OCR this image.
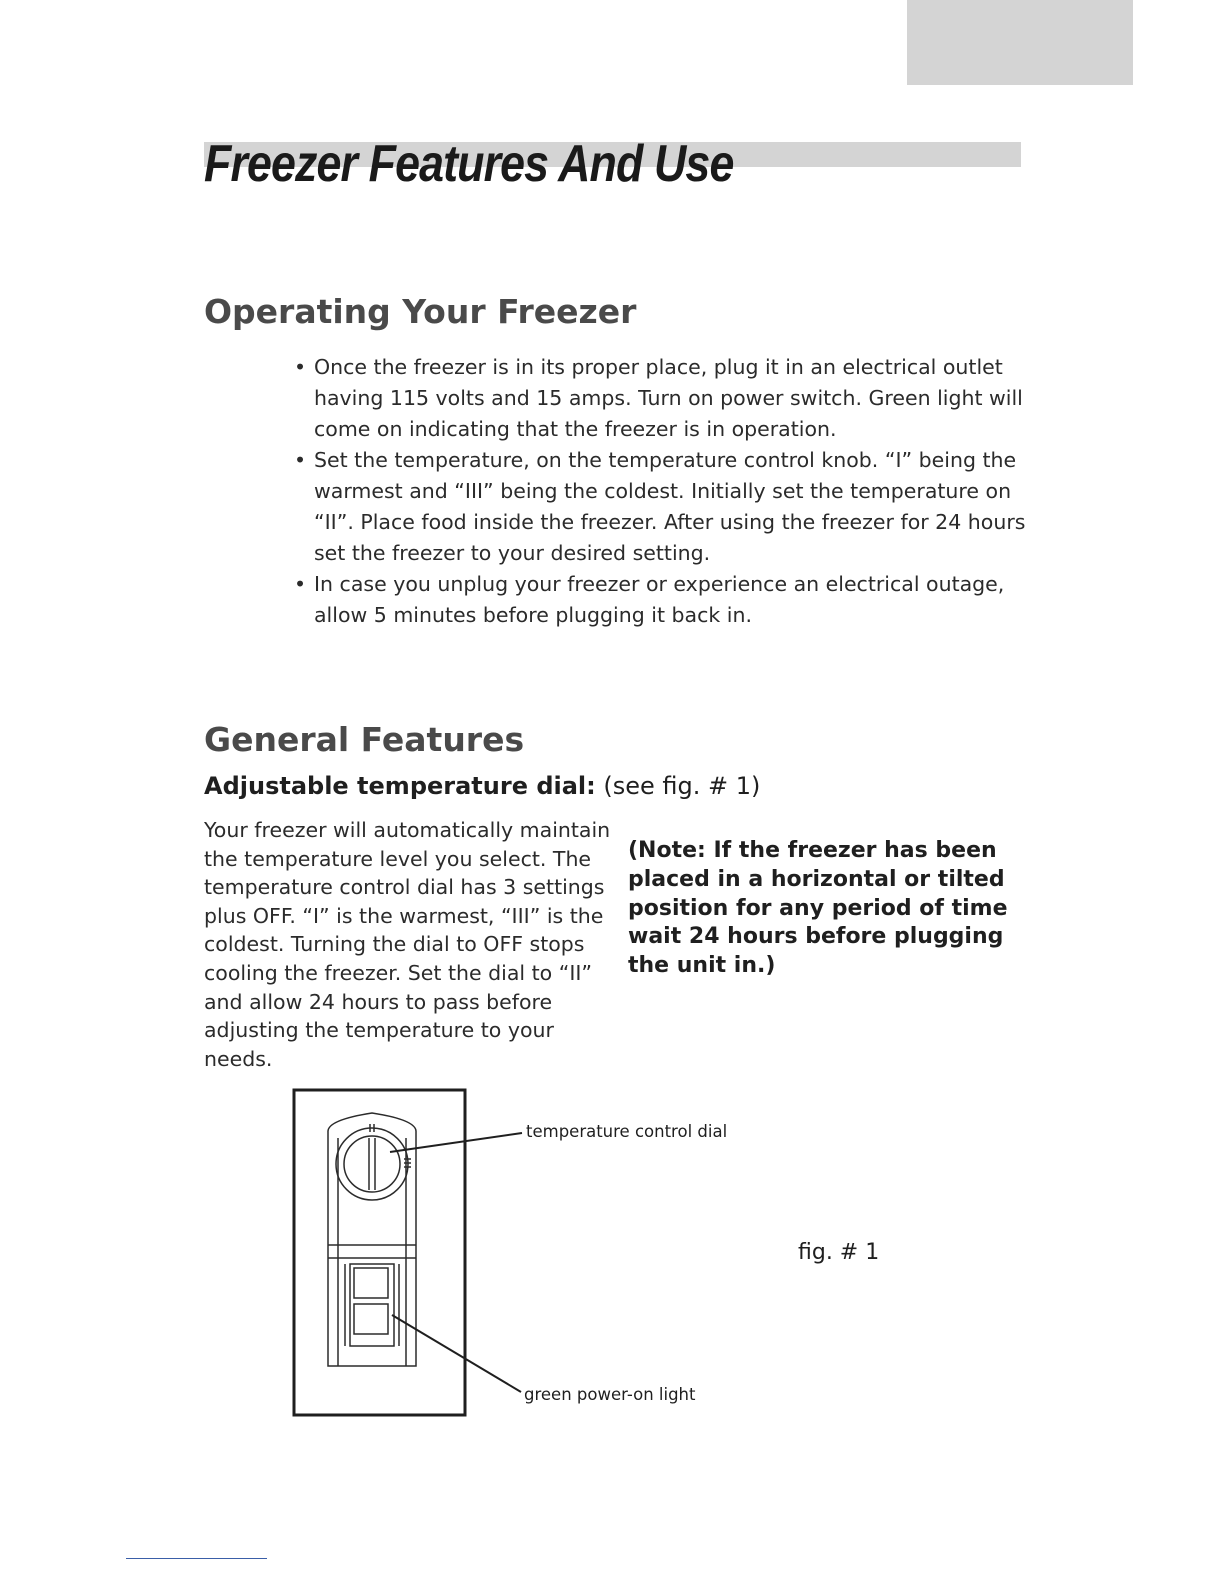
Freezer Features And Use
Operating Your Freezer
• Once the freezer is in its proper place, plug it in an electrical outlet having 115 volts and 15 amps. Turn on power switch. Green light will come on indicating that the freezer is in operation.
• Set the temperature, on the temperature control knob. “I” being the warmest and “III” being the coldest. Initially set the temperature on “II”. Place food inside the freezer. After using the freezer for 24 hours set the freezer to your desired setting.
• In case you unplug your freezer or experience an electrical outage, allow 5 minutes before plugging it back in.
General Features

Adjustable temperature dial: (see fig. # 1)

Your freezer will automatically maintain the temperature level you select. The temperature control dial has 3 settings plus OFF. “I” is the warmest, “III” is the coldest. Turning the dial to OFF stops cooling the freezer. Set the dial to “II” and allow 24 hours to pass before adjusting the temperature to your needs.

(Note: If the freezer has been placed in a horizontal or tilted position for any period of time wait 24 hours before plugging the unit in.)

temperature control dial
green power-on light
fig. # 1
